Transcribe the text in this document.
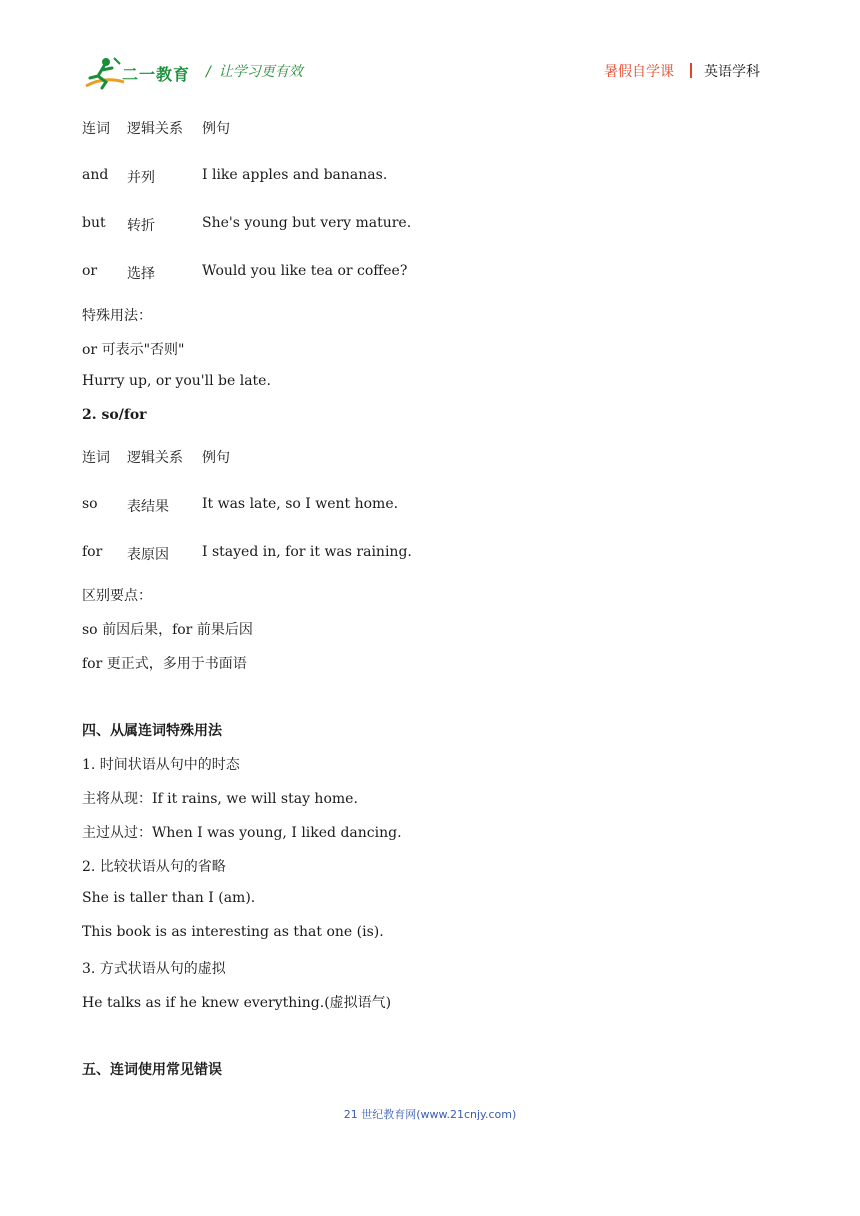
二一教育 / 让学习更有效	暑假自学课 英语学科
连词 逻辑关系 例句
and 并列	I like apples and bananas.
but 转折	She's young but very mature.
or 选择	Would you like tea or coffee?
特殊用法：
or 可表示"否则"
Hurry up, or you'll be late.
2. so/for
连词 逻辑关系 例句
so 表结果 It was late, so I went home.
for 表原因 I stayed in, for it was raining.
区别要点：
so 前因后果，for 前果后因
for 更正式，多用于书面语
四、从属连词特殊用法
1. 时间状语从句中的时态
主将从现：If it rains, we will stay home.
主过从过：When I was young, I liked dancing.
2. 比较状语从句的省略
She is taller than I (am).
This book is as interesting as that one (is).
3. 方式状语从句的虚拟
He talks as if he knew everything.(虚拟语气)
五、连词使用常见错误
21 世纪教育网(www.21cnjy.com)
